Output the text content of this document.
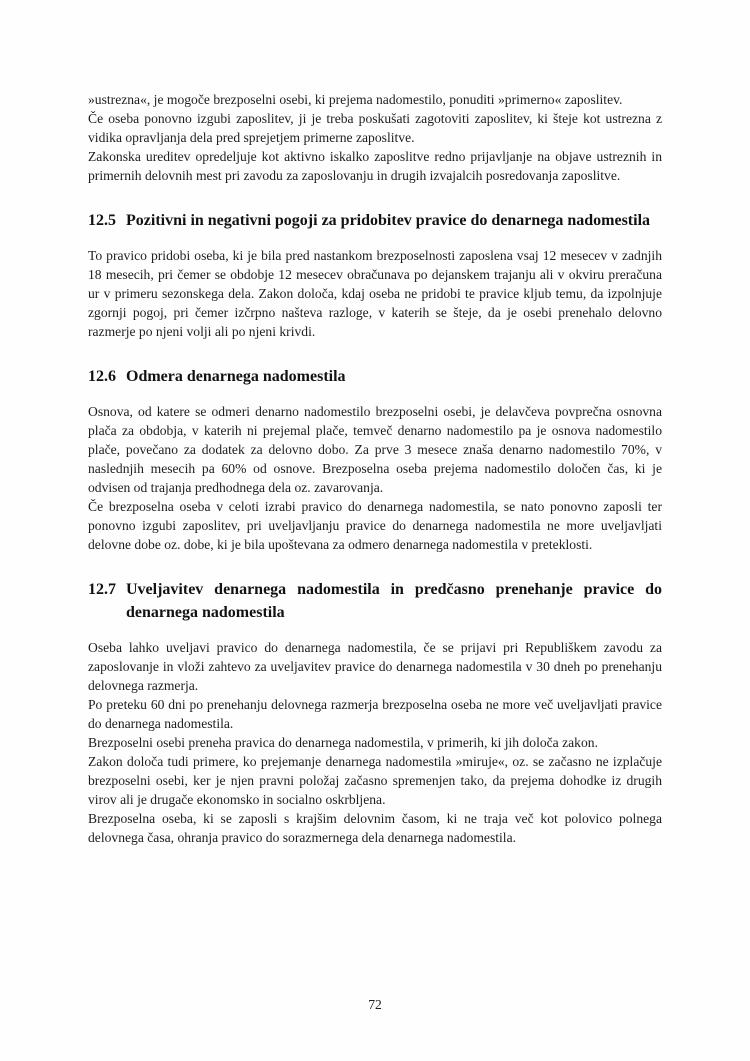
»ustrezna«, je mogoče brezposelni osebi, ki prejema nadomestilo, ponuditi »primerno« zaposlitev.

Če oseba ponovno izgubi zaposlitev, ji je treba poskušati zagotoviti zaposlitev, ki šteje kot ustrezna z vidika opravljanja dela pred sprejetjem primerne zaposlitve.

Zakonska ureditev opredeljuje kot aktivno iskalko zaposlitve redno prijavljanje na objave ustreznih in primernih delovnih mest pri zavodu za zaposlovanju in drugih izvajalcih posredovanja zaposlitve.

12.5 Pozitivni in negativni pogoji za pridobitev pravice do denarnega nadomestila

To pravico pridobi oseba, ki je bila pred nastankom brezposelnosti zaposlena vsaj 12 mesecev v zadnjih 18 mesecih, pri čemer se obdobje 12 mesecev obračunava po dejanskem trajanju ali v okviru preračuna ur v primeru sezonskega dela. Zakon določa, kdaj oseba ne pridobi te pravice kljub temu, da izpolnjuje zgornji pogoj, pri čemer izčrpno našteva razloge, v katerih se šteje, da je osebi prenehalo delovno razmerje po njeni volji ali po njeni krivdi.

12.6 Odmera denarnega nadomestila

Osnova, od katere se odmeri denarno nadomestilo brezposelni osebi, je delavčeva povprečna osnovna plača za obdobja, v katerih ni prejemal plače, temveč denarno nadomestilo pa je osnova nadomestilo plače, povečano za dodatek za delovno dobo. Za prve 3 mesece znaša denarno nadomestilo 70%, v naslednjih mesecih pa 60% od osnove. Brezposelna oseba prejema nadomestilo določen čas, ki je odvisen od trajanja predhodnega dela oz. zavarovanja.

Če brezposelna oseba v celoti izrabi pravico do denarnega nadomestila, se nato ponovno zaposli ter ponovno izgubi zaposlitev, pri uveljavljanju pravice do denarnega nadomestila ne more uveljavljati delovne dobe oz. dobe, ki je bila upoštevana za odmero denarnega nadomestila v preteklosti.

12.7 Uveljavitev denarnega nadomestila in predčasno prenehanje pravice do denarnega nadomestila

Oseba lahko uveljavi pravico do denarnega nadomestila, če se prijavi pri Republiškem zavodu za zaposlovanje in vloži zahtevo za uveljavitev pravice do denarnega nadomestila v 30 dneh po prenehanju delovnega razmerja.

Po preteku 60 dni po prenehanju delovnega razmerja brezposelna oseba ne more več uveljavljati pravice do denarnega nadomestila.

Brezposelni osebi preneha pravica do denarnega nadomestila, v primerih, ki jih določa zakon.

Zakon določa tudi primere, ko prejemanje denarnega nadomestila »miruje«, oz. se začasno ne izplačuje brezposelni osebi, ker je njen pravni položaj začasno spremenjen tako, da prejema dohodke iz drugih virov ali je drugače ekonomsko in socialno oskrbljena.

Brezposelna oseba, ki se zaposli s krajšim delovnim časom, ki ne traja več kot polovico polnega delovnega časa, ohranja pravico do sorazmernega dela denarnega nadomestila.

72
